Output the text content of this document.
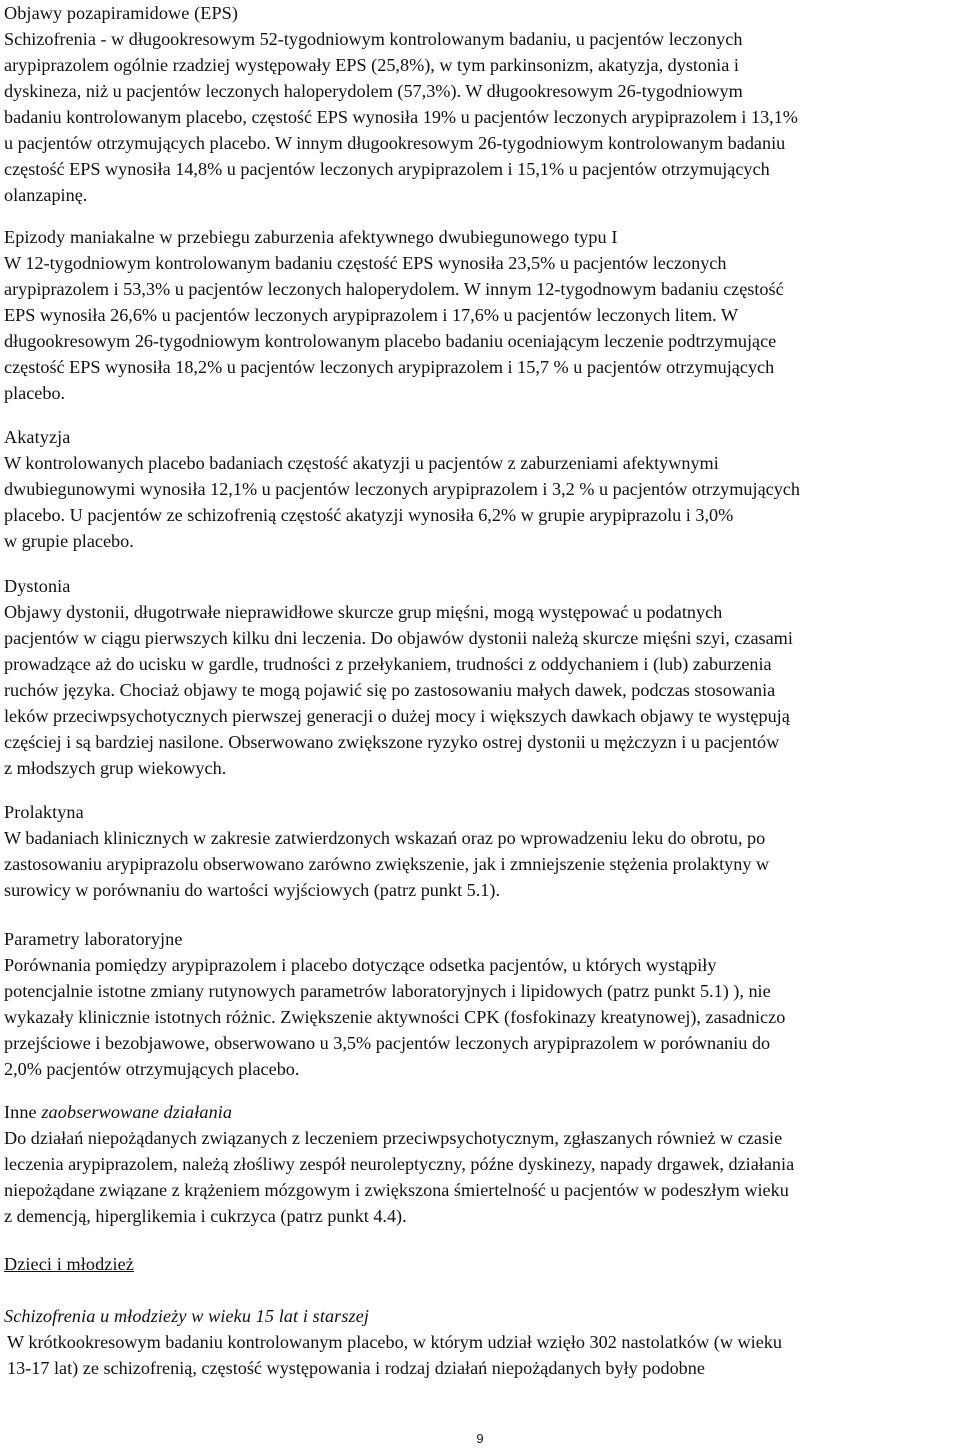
Objawy pozapiramidowe (EPS)
Schizofrenia - w długookresowym 52-tygodniowym kontrolowanym badaniu, u pacjentów leczonych
arypiprazolem ogólnie rzadziej występowały EPS (25,8%), w tym parkinsonizm, akatyzja, dystonia i
dyskineza, niż u pacjentów leczonych haloperydolem (57,3%). W długookresowym 26-tygodniowym
badaniu kontrolowanym placebo, częstość EPS wynosiła 19% u pacjentów leczonych arypiprazolem i 13,1%
u pacjentów otrzymujących placebo. W innym długookresowym 26-tygodniowym kontrolowanym badaniu
częstość EPS wynosiła 14,8% u pacjentów leczonych arypiprazolem i 15,1% u pacjentów otrzymujących
olanzapinę.
Epizody maniakalne w przebiegu zaburzenia afektywnego dwubiegunowego typu I
W 12-tygodniowym kontrolowanym badaniu częstość EPS wynosiła 23,5% u pacjentów leczonych
arypiprazolem i 53,3% u pacjentów leczonych haloperydolem. W innym 12-tygodnowym badaniu częstość
EPS wynosiła 26,6% u pacjentów leczonych arypiprazolem i 17,6% u pacjentów leczonych litem. W
długookresowym 26-tygodniowym kontrolowanym placebo badaniu oceniającym leczenie podtrzymujące
częstość EPS wynosiła 18,2% u pacjentów leczonych arypiprazolem i 15,7 % u pacjentów otrzymujących
placebo.
Akatyzja
W kontrolowanych placebo badaniach częstość akatyzji u pacjentów z zaburzeniami afektywnymi
dwubiegunowymi wynosiła 12,1% u pacjentów leczonych arypiprazolem i 3,2 % u pacjentów otrzymujących
placebo. U pacjentów ze schizofrenią częstość akatyzji wynosiła 6,2% w grupie arypiprazolu i 3,0%
w grupie placebo.
Dystonia
Objawy dystonii, długotrwałe nieprawidłowe skurcze grup mięśni, mogą występować u podatnych
pacjentów w ciągu pierwszych kilku dni leczenia. Do objawów dystonii należą skurcze mięśni szyi, czasami
prowadzące aż do ucisku w gardle, trudności z przełykaniem, trudności z oddychaniem i (lub) zaburzenia
ruchów języka. Chociaż objawy te mogą pojawić się po zastosowaniu małych dawek, podczas stosowania
leków przeciwpsychotycznych pierwszej generacji o dużej mocy i większych dawkach objawy te występują
częściej i są bardziej nasilone. Obserwowano zwiększone ryzyko ostrej dystonii u mężczyzn i u pacjentów
z młodszych grup wiekowych.
Prolaktyna
W badaniach klinicznych w zakresie zatwierdzonych wskazań oraz po wprowadzeniu leku do obrotu, po
zastosowaniu arypiprazolu obserwowano zarówno zwiększenie, jak i zmniejszenie stężenia prolaktyny w
surowicy w porównaniu do wartości wyjściowych (patrz punkt 5.1).
Parametry laboratoryjne
Porównania pomiędzy arypiprazolem i placebo dotyczące odsetka pacjentów, u których wystąpiły
potencjalnie istotne zmiany rutynowych parametrów laboratoryjnych i lipidowych (patrz punkt 5.1) ), nie
wykazały klinicznie istotnych różnic. Zwiększenie aktywności CPK (fosfokinazy kreatynowej), zasadniczo
przejściowe i bezobjawowe, obserwowano u 3,5% pacjentów leczonych arypiprazolem w porównaniu do
2,0% pacjentów otrzymujących placebo.
Inne zaobserwowane działania
Do działań niepożądanych związanych z leczeniem przeciwpsychotycznym, zgłaszanych również w czasie
leczenia arypiprazolem, należą złośliwy zespół neuroleptyczny, późne dyskinezy, napady drgawek, działania
niepożądane związane z krążeniem mózgowym i zwiększona śmiertelność u pacjentów w podeszłym wieku
z demencją, hiperglikemia i cukrzyca (patrz punkt 4.4).
Dzieci i młodzież
Schizofrenia u młodzieży w wieku 15 lat i starszej
W krótkookresowym badaniu kontrolowanym placebo, w którym udział wzięło 302 nastolatków (w wieku
13-17 lat) ze schizofrenią, częstość występowania i rodzaj działań niepożądanych były podobne
9
